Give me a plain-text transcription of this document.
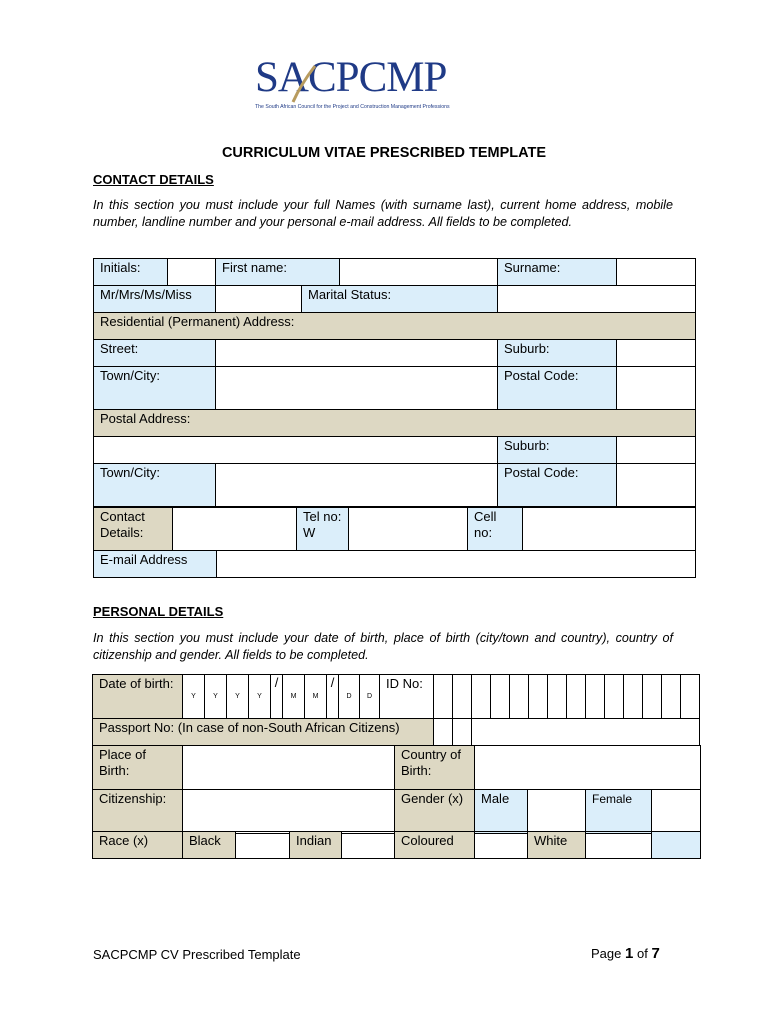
SACPCMP
The South African Council for the Project and Construction Management Professions
CURRICULUM VITAE PRESCRIBED TEMPLATE
CONTACT DETAILS
In this section you must include your full Names (with surname last), current home address, mobile number, landline number and your personal e-mail address. All fields to be completed.
Initials:		First name:			Surname:	
Mr/Mrs/Ms/Miss			Marital Status:			
Residential (Permanent) Address:						
Street:					Suburb:	
Town/City:					Postal Code:	
Postal Address:						
					Suburb:	
Town/City:					Postal Code:	
Contact Details:		Tel no: W		Cell no:	
E-mail Address	
PERSONAL DETAILS
In this section you must include your date of birth, place of birth (city/town and country), country of citizenship and gender. All fields to be completed.
Date of birth:	Y	Y	Y	Y	/	M	M	/	D	D	ID No:														
Passport No: (In case of non-South African Citizens)																									
Place of Birth:		Country of Birth:				
Citizenship:		Gender (x)	Male		Female	
Race (x)	Black		Indian		Coloured		White		
SACPCMP CV Prescribed Template	Page 1 of 7
